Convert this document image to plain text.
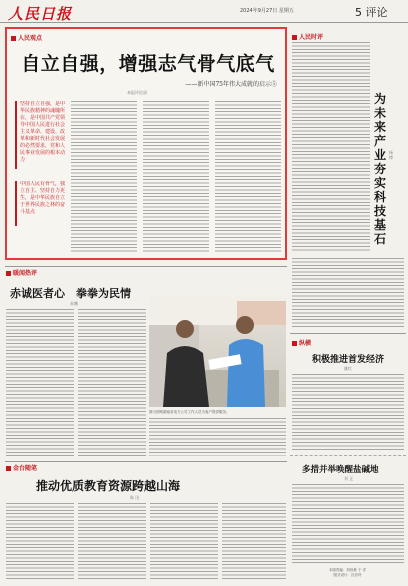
人民日报	2024年9月27日 星期五	5 评论
人民观点
自立自强，增强志气骨气底气
——新中国75年伟大成就的启示⑤
本报评论部
坚持自立自强，是中华民族精神的魂魄所在，是中国共产党领导中国人民进行社会主义革命、建设、改革和新时代社会发展的必然要求，党和人民事业发展的根本动力
中国人民有骨气，独立自主、坚持自力更生，是中华民族自立于世界民族之林的奋斗基点
人民时评
为未来产业夯实科技基石
杨博
暖闻热评
赤诚医者心　拳拳为民情
朱鹏
图为国网湖南省电力公司工作人员为客户提供服务。
纵横
积极推进首发经济
姚红
多措并举唤醒盐碱地
刘 正
金台随笔
推动优质教育资源跨越山海
陈 田
本版责编：刘伟豪 于 洋
版式设计：沈亦伶
